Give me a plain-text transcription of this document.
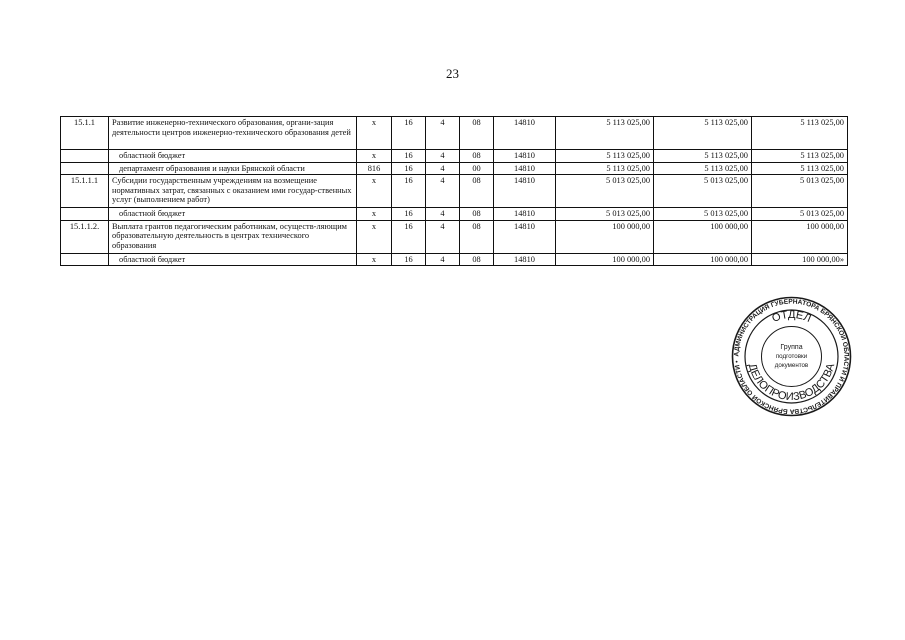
23
15.1.1	Развитие инженерно-технического образования, органи-зация деятельности центров инженерно-технического образования детей	х	16	4	08	14810	5 113 025,00	5 113 025,00	5 113 025,00
	областной бюджет	х	16	4	08	14810	5 113 025,00	5 113 025,00	5 113 025,00
	департамент образования и науки Брянской области	816	16	4	00	14810	5 113 025,00	5 113 025,00	5 113 025,00
15.1.1.1	Субсидии государственным учреждениям на возмещение нормативных затрат, связанных с оказанием ими государ-ственных услуг (выполнением работ)	х	16	4	08	14810	5 013 025,00	5 013 025,00	5 013 025,00
	областной бюджет	х	16	4	08	14810	5 013 025,00	5 013 025,00	5 013 025,00
15.1.1.2.	Выплата грантов педагогическим работникам, осуществ-ляющим образовательную деятельность в центрах технического образования	х	16	4	08	14810	100 000,00	100 000,00	100 000,00
	областной бюджет	х	16	4	08	14810	100 000,00	100 000,00	100 000,00»
АДМИНИСТРАЦИЯ ГУБЕРНАТОРА БРЯНСКОЙ ОБЛАСТИ И ПРАВИТЕЛЬСТВА БРЯНСКОЙ ОБЛАСТИ •
ОТДЕЛ
ДЕЛОПРОИЗВОДСТВА
Группа
подготовки
документов
